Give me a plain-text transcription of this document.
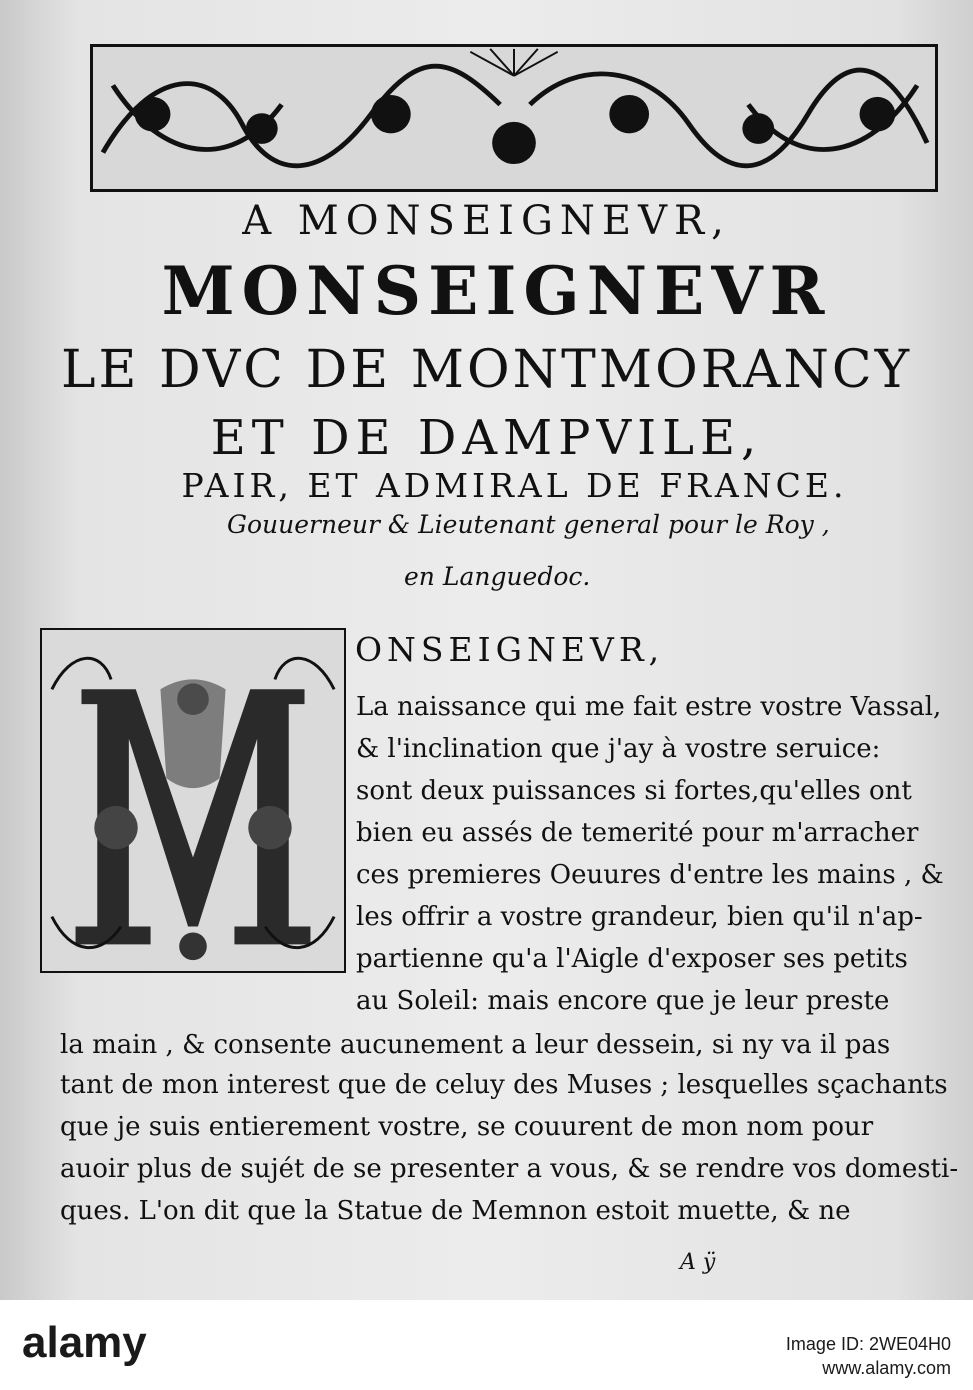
A MONSEIGNEVR,
MONSEIGNEVR
LE DVC DE MONTMORANCY
ET DE DAMPVILE,
PAIR, ET ADMIRAL DE FRANCE.
Gouuerneur & Lieutenant general pour le Roy ,
en Languedoc.
ONSEIGNEVR,
La naissance qui me fait estre vostre Vassal,
& l'inclination que j'ay à vostre seruice:
sont deux puissances si fortes,qu'elles ont
bien eu assés de temerité pour m'arracher
ces premieres Oeuures d'entre les mains , &
les offrir a vostre grandeur, bien qu'il n'ap-
partienne qu'a l'Aigle d'exposer ses petits
au Soleil: mais encore que je leur preste
la main , & consente aucunement a leur dessein, si ny va il pas
tant de mon interest que de celuy des Muses ; lesquelles sçachants
que je suis entierement vostre, se couurent de mon nom pour
auoir plus de sujét de se presenter a vous, & se rendre vos domesti-
ques. L'on dit que la Statue de Memnon estoit muette, & ne
A ÿ
alamy	Image ID: 2WE04H0
www.alamy.com
